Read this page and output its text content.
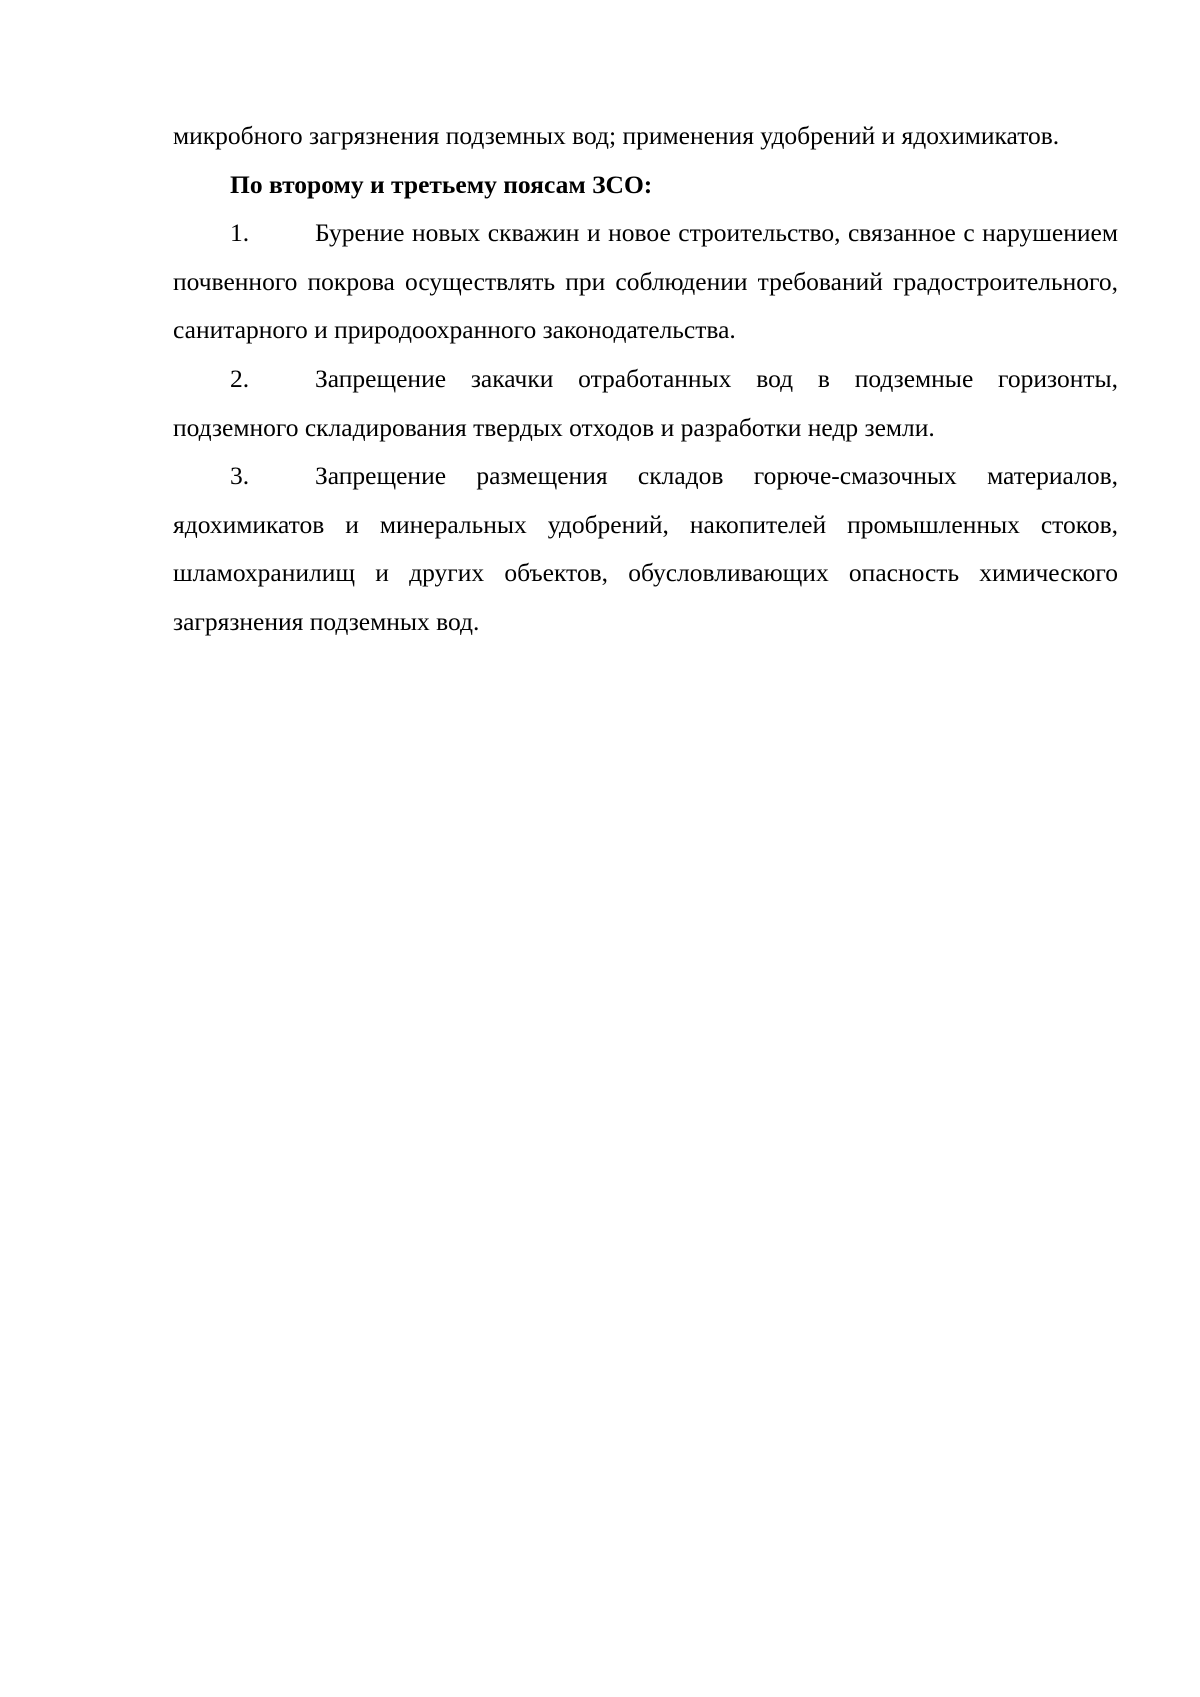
микробного загрязнения подземных вод; применения удобрений и ядохимикатов.

По второму и третьему поясам ЗСО:

1.	Бурение новых скважин и новое строительство, связанное с нарушением почвенного покрова осуществлять при соблюдении требований градостроительного, санитарного и природоохранного законодательства.

2.	Запрещение закачки отработанных вод в подземные горизонты, подземного складирования твердых отходов и разработки недр земли.

3.	Запрещение размещения складов горюче-смазочных материалов, ядохимикатов и минеральных удобрений, накопителей промышленных стоков, шламохранилищ и других объектов, обусловливающих опасность химического загрязнения подземных вод.
